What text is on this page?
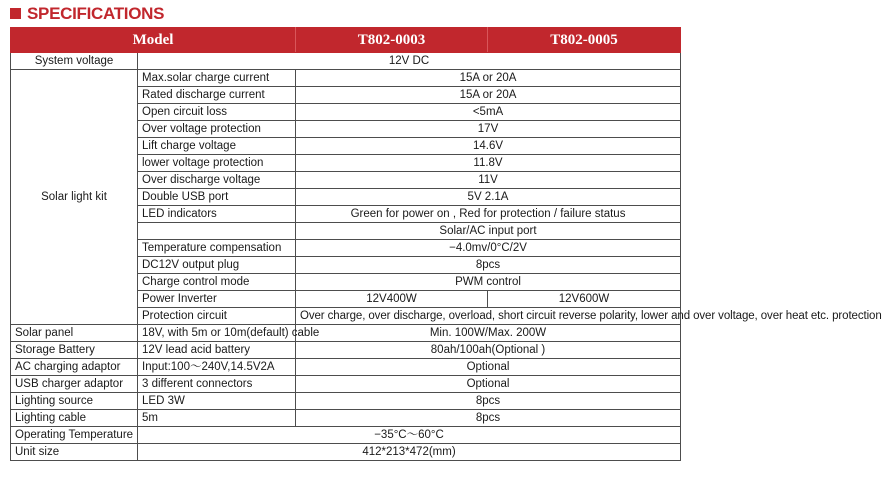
SPECIFICATIONS
Model		T802-0003	T802-0005
System voltage	12V DC		
Solar light kit	Max.solar charge current	15A or 20A	
	Rated discharge current	15A or 20A	
	Open circuit loss	<5mA	
	Over voltage protection	17V	
	Lift charge voltage	14.6V	
	lower voltage protection	11.8V	
	Over discharge voltage	11V	
	Double USB port	5V 2.1A	
	LED indicators	Green for power on , Red for protection / failure status	
		Solar/AC input port	
	Temperature compensation	−4.0mv/0°C/2V	
	DC12V output plug	8pcs	
	Charge control mode	PWM control	
	Power Inverter	12V400W	12V600W
	Protection circuit	Over charge, over discharge, overload, short circuit reverse polarity, lower and over voltage, over heat etc. protection	
Solar panel	18V, with 5m or 10m(default) cable	Min. 100W/Max. 200W	
Storage Battery	12V lead acid battery	80ah/100ah(Optional )	
AC charging adaptor	Input:100～240V,14.5V2A	Optional	
USB charger adaptor	3 different connectors	Optional	
Lighting source	LED 3W	8pcs	
Lighting cable	5m	8pcs	
Operating Temperature	−35°C～60°C		
Unit size	412*213*472(mm)		
